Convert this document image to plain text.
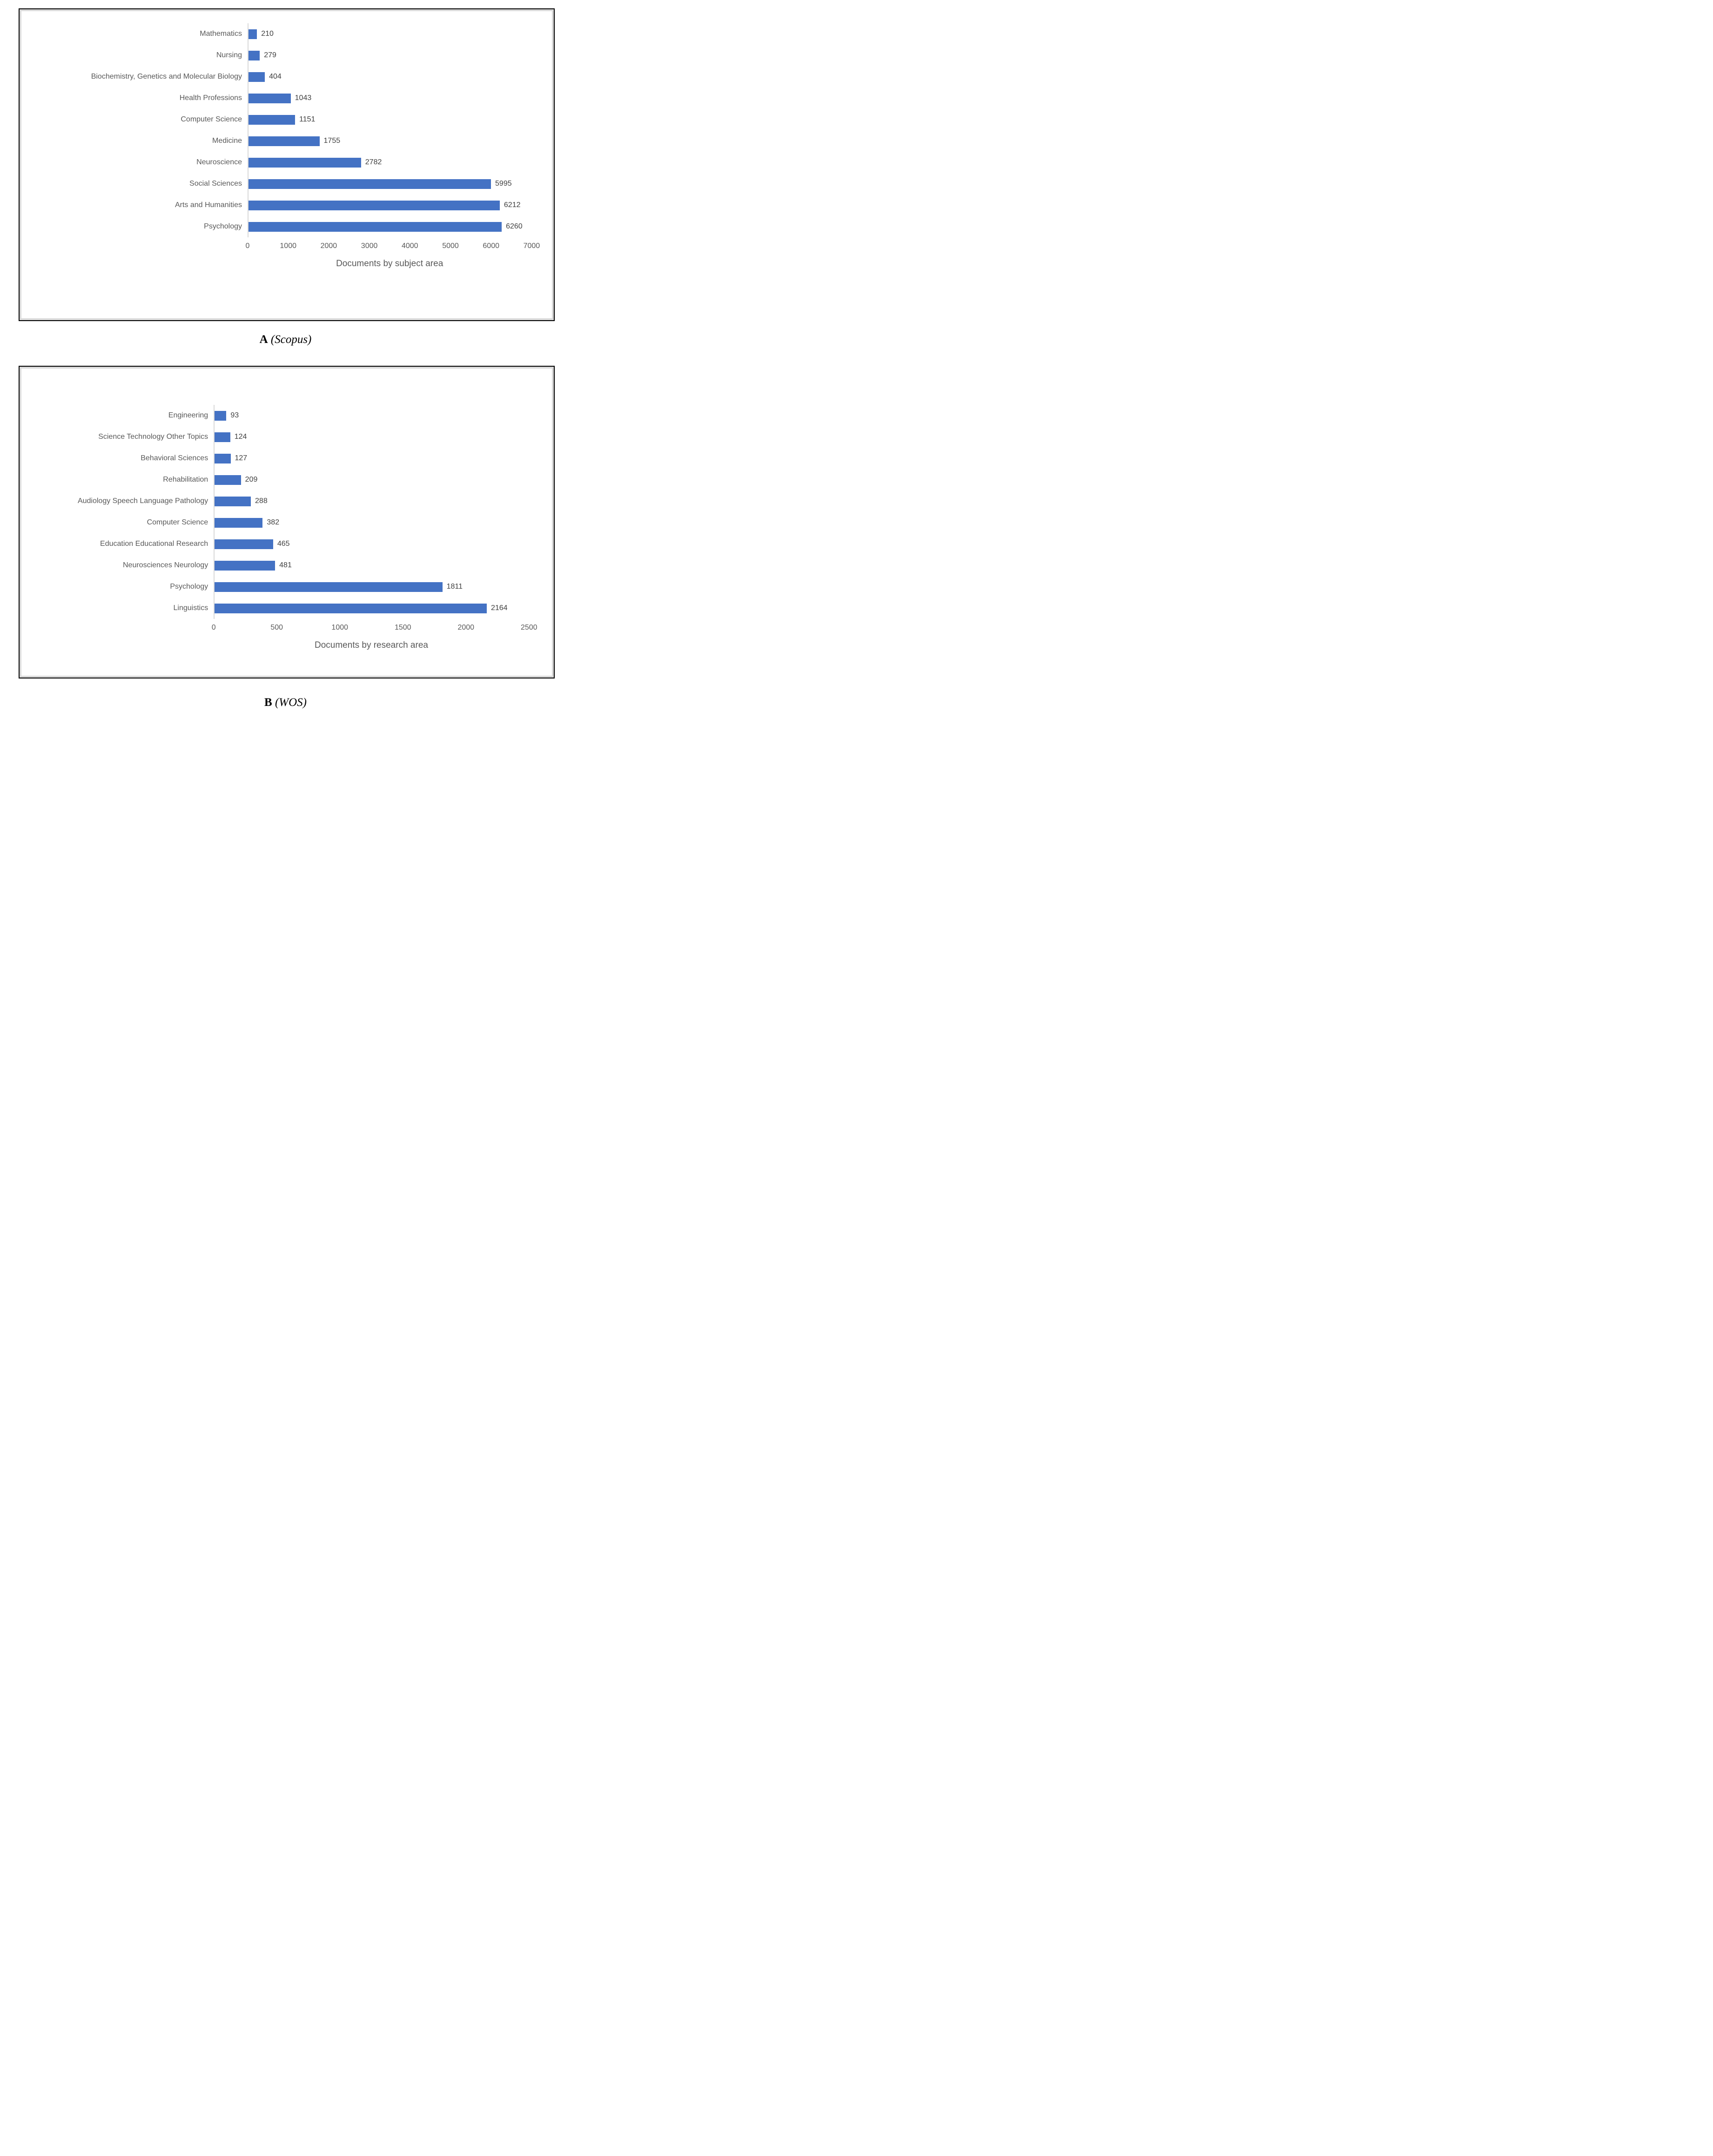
Mathematics	210
Nursing	279
Biochemistry, Genetics and Molecular Biology	404
Health Professions	1043
Computer Science	1151
Medicine	1755
Neuroscience	2782
Social Sciences	5995
Arts and Humanities	6212
Psychology	6260
0	1000	2000	3000	4000	5000	6000	7000
Documents by subject area
A (Scopus)
Engineering	93
Science Technology Other Topics	124
Behavioral Sciences	127
Rehabilitation	209
Audiology Speech Language Pathology	288
Computer Science	382
Education Educational Research	465
Neurosciences Neurology	481
Psychology	1811
Linguistics	2164
0	500	1000	1500	2000	2500
Documents by research area
B (WOS)
